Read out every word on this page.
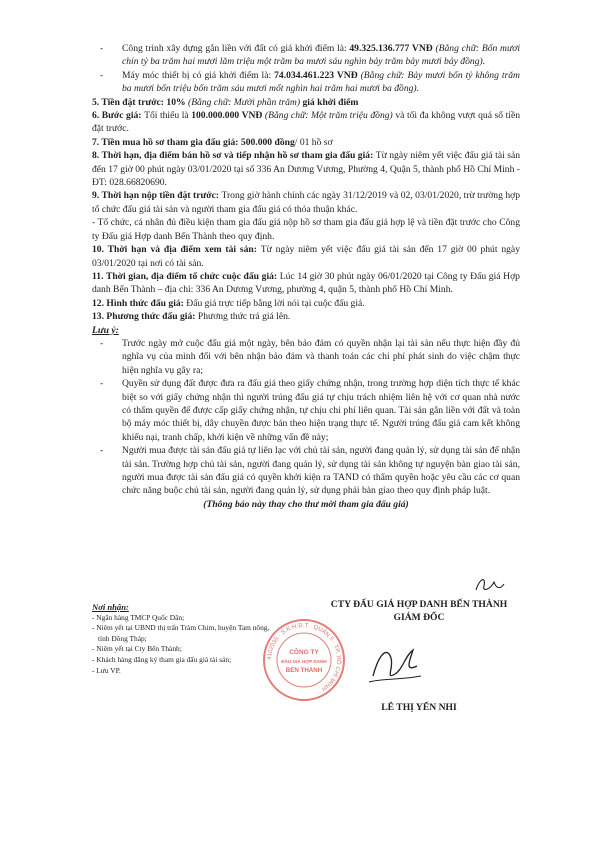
- Công trình xây dựng gắn liền với đất có giá khởi điểm là: 49.325.136.777 VNĐ (Bằng chữ: Bốn mươi chín tỷ ba trăm hai mươi lăm triệu một trăm ba mươi sáu nghìn bảy trăm bảy mươi bảy đồng).

- Máy móc thiết bị có giá khởi điểm là: 74.034.461.223 VNĐ (Bằng chữ: Bảy mươi bốn tỷ không trăm ba mươi bốn triệu bốn trăm sáu mươi mốt nghìn hai trăm hai mươi ba đồng).

5. Tiền đặt trước: 10% (Bằng chữ: Mười phần trăm) giá khởi điểm

6. Bước giá: Tối thiểu là 100.000.000 VNĐ (Bằng chữ: Một trăm triệu đồng) và tối đa không vượt quá số tiền đặt trước.

7. Tiền mua hồ sơ tham gia đấu giá: 500.000 đồng/ 01 hồ sơ

8. Thời hạn, địa điểm bán hồ sơ và tiếp nhận hồ sơ tham gia đấu giá: Từ ngày niêm yết việc đấu giá tài sản đến 17 giờ 00 phút ngày 03/01/2020 tại số 336 An Dương Vương, Phường 4, Quận 5, thành phố Hồ Chí Minh - ĐT: 028.66820690.

9. Thời hạn nộp tiền đặt trước: Trong giờ hành chính các ngày 31/12/2019 và 02, 03/01/2020, trừ trường hợp tổ chức đấu giá tài sản và người tham gia đấu giá có thỏa thuận khác.

- Tổ chức, cá nhân đủ điều kiện tham gia đấu giá nộp hồ sơ tham gia đấu giá hợp lệ và tiền đặt trước cho Công ty Đấu giá Hợp danh Bến Thành theo quy định.

10. Thời hạn và địa điểm xem tài sản: Từ ngày niêm yết việc đấu giá tài sản đến 17 giờ 00 phút ngày 03/01/2020 tại nơi có tài sản.

11. Thời gian, địa điểm tổ chức cuộc đấu giá: Lúc 14 giờ 30 phút ngày 06/01/2020 tại Công ty Đấu giá Hợp danh Bến Thành – địa chỉ: 336 An Dương Vương, phường 4, quận 5, thành phố Hồ Chí Minh.

12. Hình thức đấu giá: Đấu giá trực tiếp bằng lời nói tại cuộc đấu giá.

13. Phương thức đấu giá: Phương thức trả giá lên.

Lưu ý:

- Trước ngày mở cuộc đấu giá một ngày, bên bảo đảm có quyền nhận lại tài sản nếu thực hiện đầy đủ nghĩa vụ của mình đối với bên nhận bảo đảm và thanh toán các chi phí phát sinh do việc chậm thực hiện nghĩa vụ gây ra;

- Quyền sử dụng đất được đưa ra đấu giá theo giấy chứng nhận, trong trường hợp diện tích thực tế khác biệt so với giấy chứng nhận thì người trúng đấu giá tự chịu trách nhiệm liên hệ với cơ quan nhà nước có thẩm quyền để được cấp giấy chứng nhận, tự chịu chi phí liên quan. Tài sản gắn liền với đất và toàn bộ máy móc thiết bị, dây chuyền được bán theo hiện trạng thực tế. Người trúng đấu giá cam kết không khiếu nại, tranh chấp, khởi kiện về những vấn đề này;

- Người mua được tài sản đấu giá tự liên lạc với chủ tài sản, người đang quản lý, sử dụng tài sản để nhận tài sản. Trường hợp chủ tài sản, người đang quản lý, sử dụng tài sản không tự nguyện bàn giao tài sản, người mua được tài sản đấu giá có quyền khởi kiện ra TAND có thẩm quyền hoặc yêu cầu các cơ quan chức năng buộc chủ tài sản, người đang quản lý, sử dụng phải bàn giao theo quy định pháp luật.

(Thông báo này thay cho thư mời tham gia đấu giá)

Nơi nhận:
- Ngân hàng TMCP Quốc Dân;
- Niêm yết tại UBND thị trấn Tràm Chim, huyện Tam nông, tỉnh Đồng Tháp;
- Niêm yết tại Cty Bến Thành;
- Khách hàng đăng ký tham gia đấu giá tài sản;
- Lưu VP.
CTY ĐẤU GIÁ HỢP DANH BẾN THÀNH
GIÁM ĐỐC
LÊ THỊ YẾN NHI
4102035 · S.K.H.Đ.T · QUẬN 5 · TP. HỒ CHÍ MINH
CÔNG TY
ĐẤU GIÁ HỢP DANH
BẾN THÀNH
